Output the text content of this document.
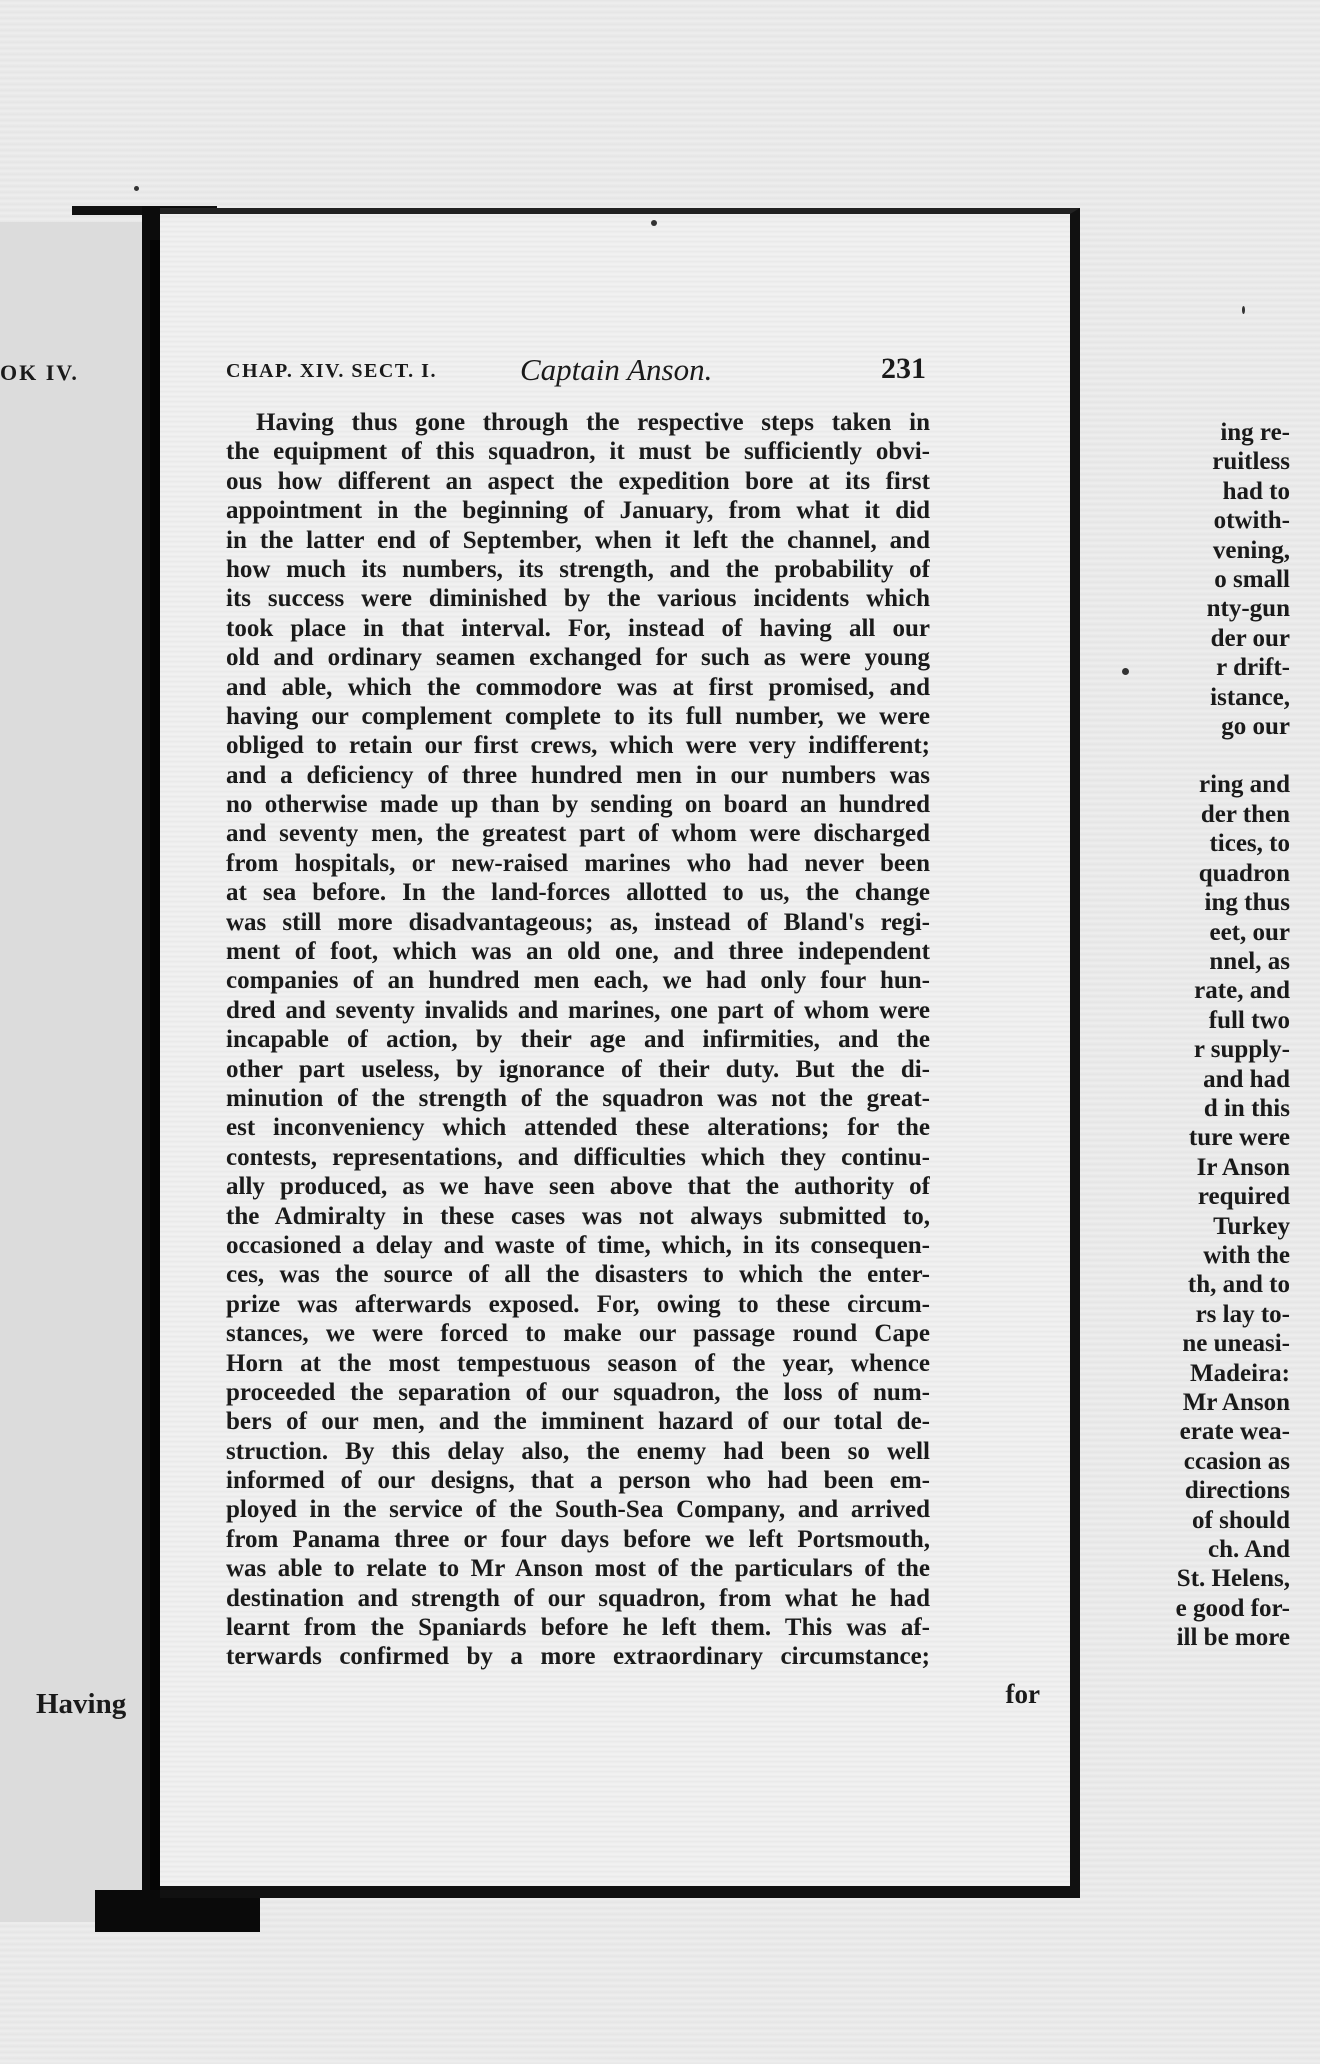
OK IV.
ing re-
ruitless
had to
otwith-
vening,
o small
nty-gun
der our
r drift-
istance,
go our
ring and
der then
tices, to
quadron
ing thus
eet, our
nnel, as
rate, and
full two
r supply-
and had
d in this
ture were
Ir Anson
required
Turkey
with the
th, and to
rs lay to-
ne uneasi-
Madeira:
Mr Anson
erate wea-
ccasion as
directions
of should
ch. And
St. Helens,
e good for-
ill be more
Having
CHAP. XIV. SECT. I.	Captain Anson.	231
Having thus gone through the respective steps taken in
the equipment of this squadron, it must be sufficiently obvi-
ous how different an aspect the expedition bore at its first
appointment in the beginning of January, from what it did
in the latter end of September, when it left the channel, and
how much its numbers, its strength, and the probability of
its success were diminished by the various incidents which
took place in that interval. For, instead of having all our
old and ordinary seamen exchanged for such as were young
and able, which the commodore was at first promised, and
having our complement complete to its full number, we were
obliged to retain our first crews, which were very indifferent;
and a deficiency of three hundred men in our numbers was
no otherwise made up than by sending on board an hundred
and seventy men, the greatest part of whom were discharged
from hospitals, or new-raised marines who had never been
at sea before. In the land-forces allotted to us, the change
was still more disadvantageous; as, instead of Bland's regi-
ment of foot, which was an old one, and three independent
companies of an hundred men each, we had only four hun-
dred and seventy invalids and marines, one part of whom were
incapable of action, by their age and infirmities, and the
other part useless, by ignorance of their duty. But the di-
minution of the strength of the squadron was not the great-
est inconveniency which attended these alterations; for the
contests, representations, and difficulties which they continu-
ally produced, as we have seen above that the authority of
the Admiralty in these cases was not always submitted to,
occasioned a delay and waste of time, which, in its consequen-
ces, was the source of all the disasters to which the enter-
prize was afterwards exposed. For, owing to these circum-
stances, we were forced to make our passage round Cape
Horn at the most tempestuous season of the year, whence
proceeded the separation of our squadron, the loss of num-
bers of our men, and the imminent hazard of our total de-
struction. By this delay also, the enemy had been so well
informed of our designs, that a person who had been em-
ployed in the service of the South-Sea Company, and arrived
from Panama three or four days before we left Portsmouth,
was able to relate to Mr Anson most of the particulars of the
destination and strength of our squadron, from what he had
learnt from the Spaniards before he left them. This was af-
terwards confirmed by a more extraordinary circumstance;
for
